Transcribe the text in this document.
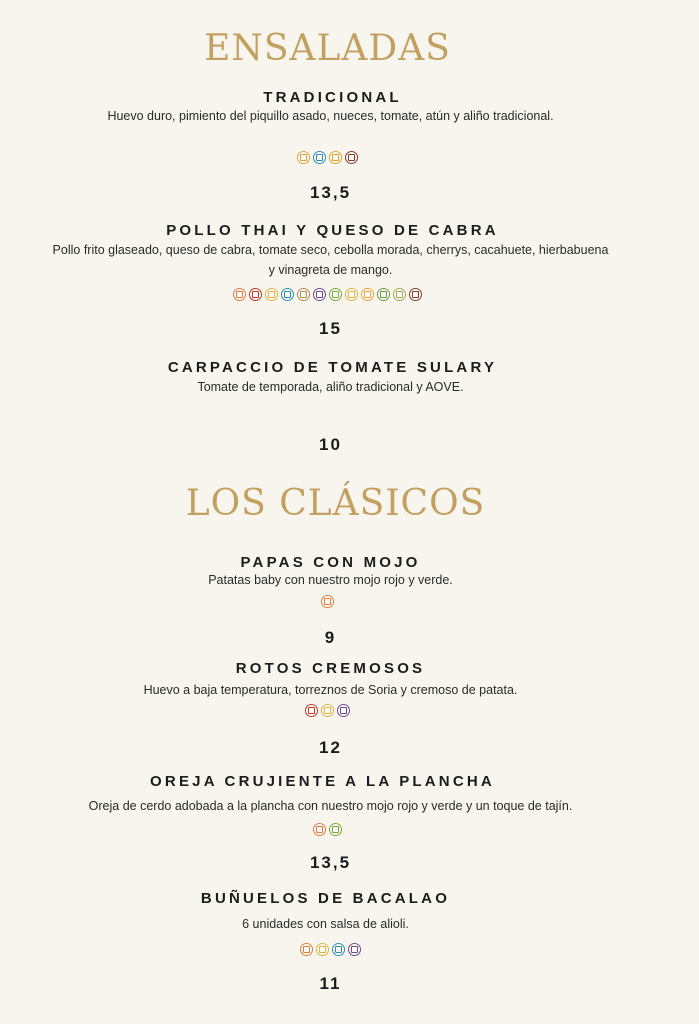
ENSALADAS
TRADICIONAL

Huevo duro, pimiento del piquillo asado, nueces, tomate, atún y aliño tradicional.

13,5
POLLO THAI Y QUESO DE CABRA

Pollo frito glaseado, queso de cabra, tomate seco, cebolla morada, cherrys, cacahuete, hierbabuena y vinagreta de mango.

15
CARPACCIO DE TOMATE SULARY

Tomate de temporada, aliño tradicional y AOVE.

10
LOS CLÁSICOS
PAPAS CON MOJO

Patatas baby con nuestro mojo rojo y verde.

9
ROTOS CREMOSOS

Huevo a baja temperatura, torreznos de Soria y cremoso de patata.

12
OREJA CRUJIENTE A LA PLANCHA

Oreja de cerdo adobada a la plancha con nuestro mojo rojo y verde y un toque de tajín.

13,5
BUÑUELOS DE BACALAO

6 unidades con salsa de alioli.

11
